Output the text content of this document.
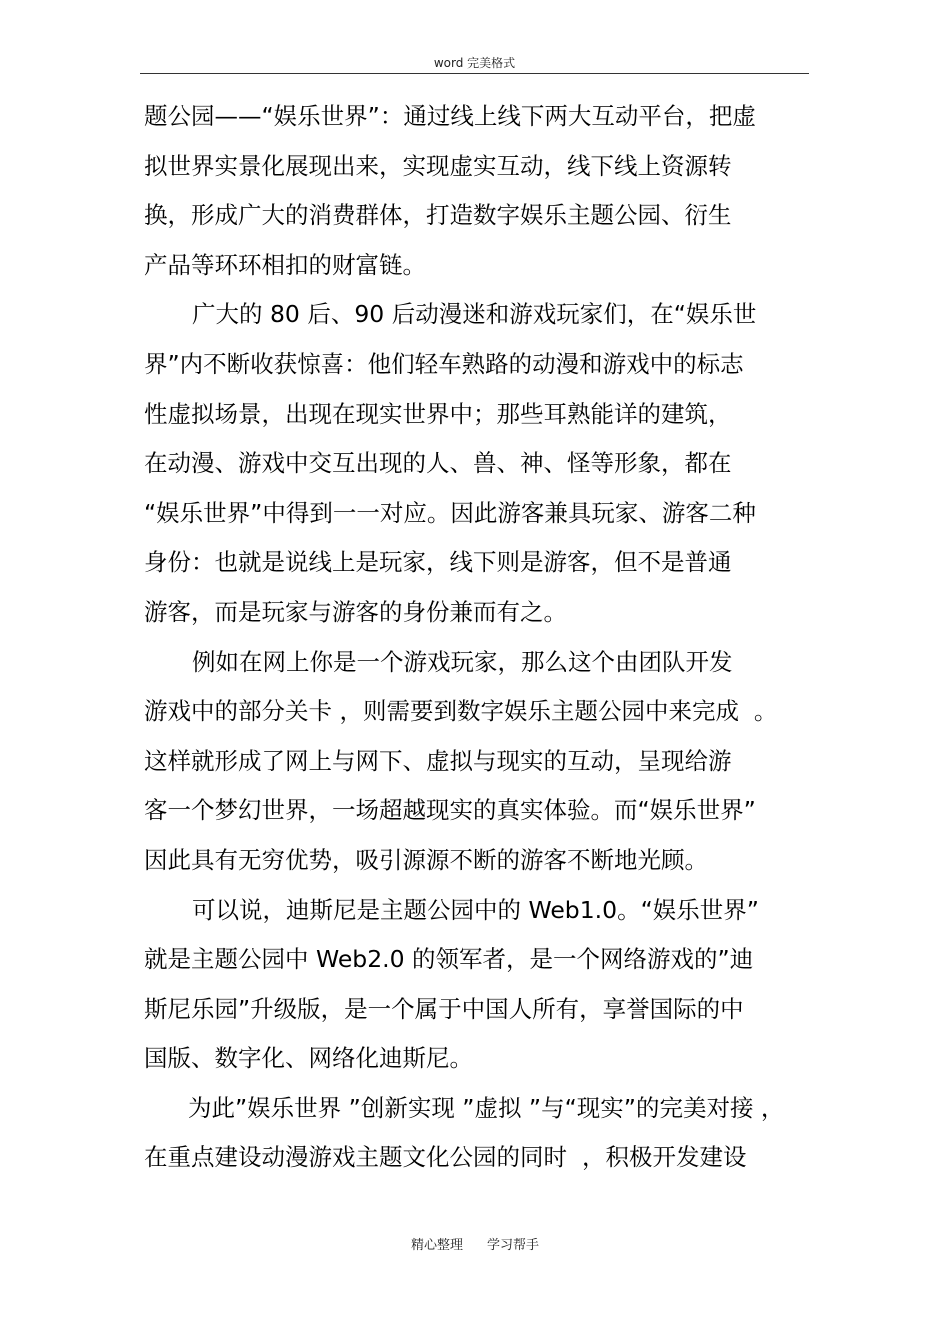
word 完美格式
题公园——“娱乐世界”：通过线上线下两大互动平台，把虚
拟世界实景化展现出来，实现虚实互动，线下线上资源转
换，形成广大的消费群体，打造数字娱乐主题公园、衍生
产品等环环相扣的财富链。
广大的 80 后、90 后动漫迷和游戏玩家们，在“娱乐世
界”内不断收获惊喜：他们轻车熟路的动漫和游戏中的标志
性虚拟场景，出现在现实世界中；那些耳熟能详的建筑，
在动漫、游戏中交互出现的人、兽、神、怪等形象，都在
“娱乐世界”中得到一一对应。因此游客兼具玩家、游客二种
身份：也就是说线上是玩家，线下则是游客，但不是普通
游客，而是玩家与游客的身份兼而有之。
例如在网上你是一个游戏玩家，那么这个由团队开发
游戏中的部分关卡 ，则需要到数字娱乐主题公园中来完成  。
这样就形成了网上与网下、虚拟与现实的互动，呈现给游
客一个梦幻世界，一场超越现实的真实体验。而“娱乐世界”
因此具有无穷优势，吸引源源不断的游客不断地光顾。
可以说，迪斯尼是主题公园中的 Web1.0。“娱乐世界”
就是主题公园中 Web2.0 的领军者，是一个网络游戏的”迪
斯尼乐园”升级版，是一个属于中国人所有，享誉国际的中
国版、数字化、网络化迪斯尼。
为此”娱乐世界 ”创新实现 ”虚拟 ”与“现实”的完美对接 ，
在重点建设动漫游戏主题文化公园的同时  ，积极开发建设
精心整理 学习帮手
